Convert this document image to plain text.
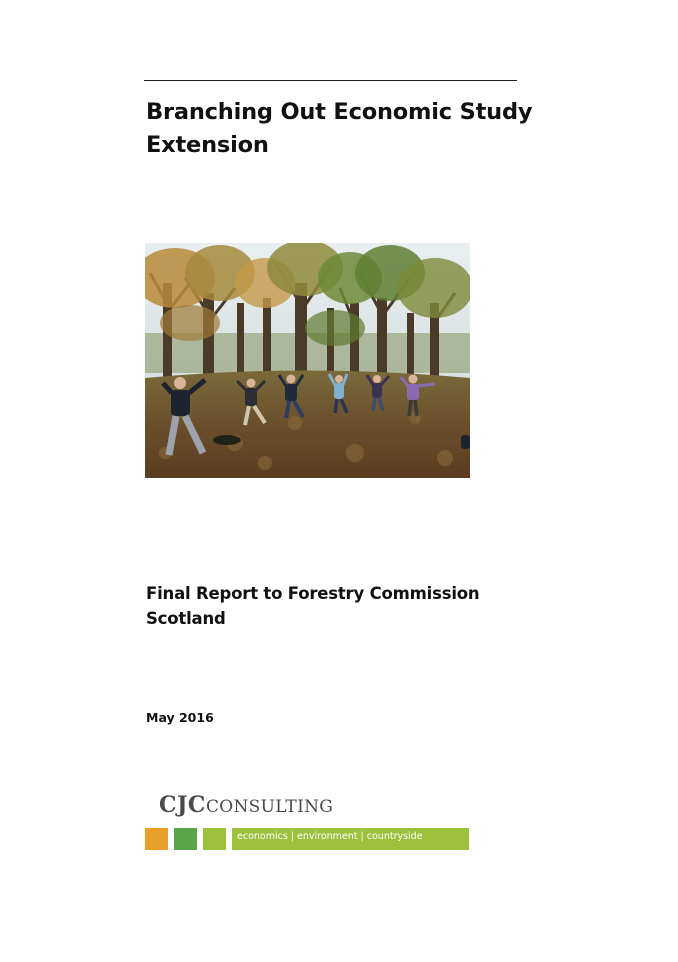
Branching Out Economic Study Extension
Final Report to Forestry Commission Scotland
May 2016
CJCCONSULTING
economics | environment | countryside
